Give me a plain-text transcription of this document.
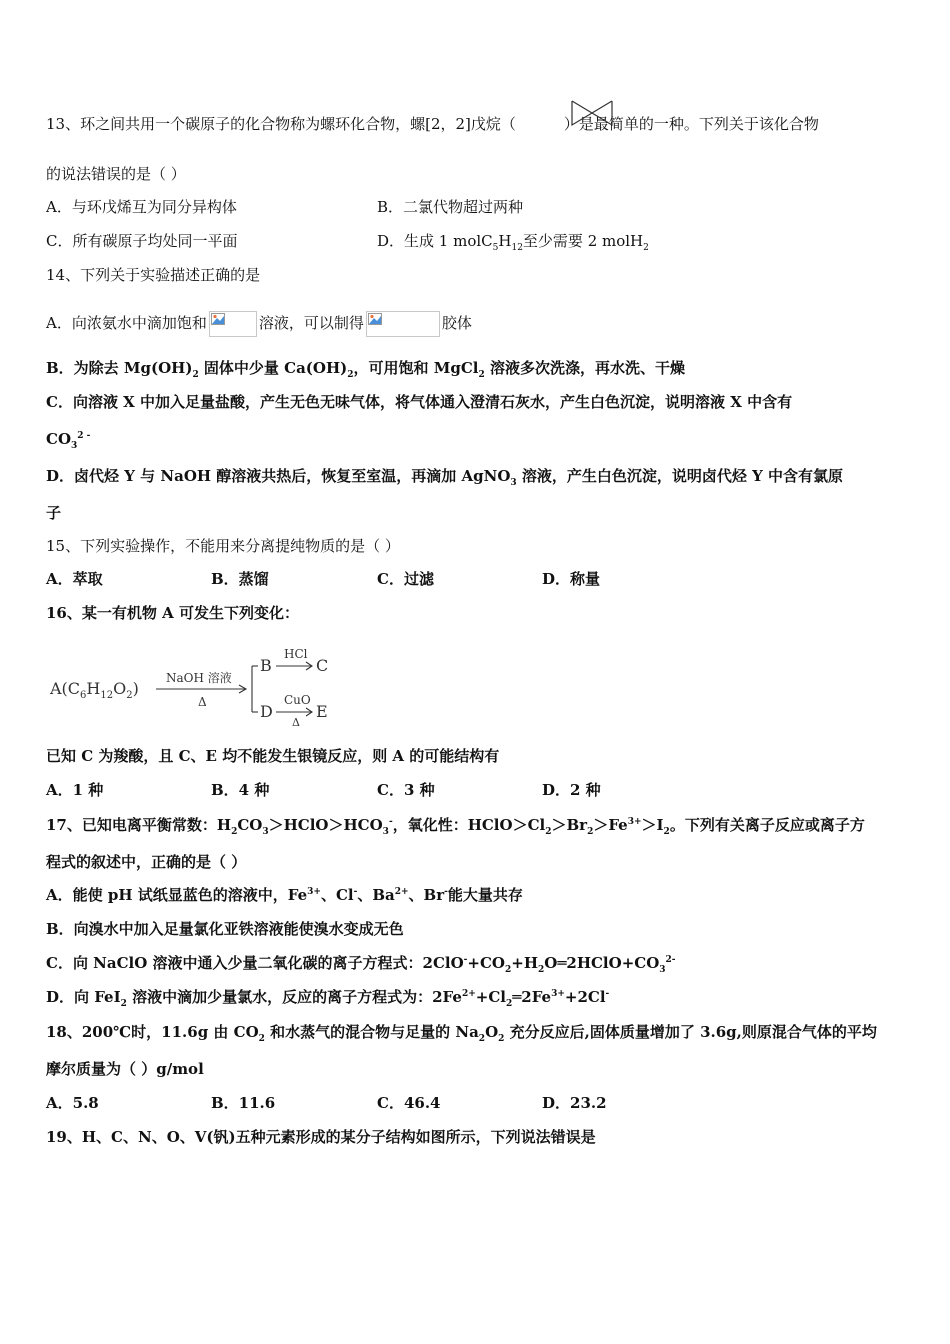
13、环之间共用一个碳原子的化合物称为螺环化合物，螺[2，2]戊烷（	）是最简单的一种。下列关于该化合物
的说法错误的是（ ）
A．与环戊烯互为同分异构体	B．二氯代物超过两种
C．所有碳原子均处同一平面	D．生成 1 $molC_5H_{12}$至少需要 2 molH$_2$
14、下列关于实验描述正确的是
A．向浓氨水中滴加饱和	溶液，可以制得	胶体
B．为除去 $Mg(OH)_2$ 固体中少量 $Ca(OH)_2$，可用饱和 MgCl$_2$ 溶液多次洗涤，再水洗、干燥
C．向溶液 X 中加入足量盐酸，产生无色无味气体，将气体通入澄清石灰水，产生白色沉淀，说明溶液 X 中含有
$CO_3^{2 -}$
D．卤代烃 Y 与 NaOH 醇溶液共热后，恢复至室温，再滴加 AgNO$_3$ 溶液，产生白色沉淀，说明卤代烃 Y 中含有氯原
子
15、下列实验操作，不能用来分离提纯物质的是（ ）
A．萃取	B．蒸馏	C．过滤	D．称量
16、某一有机物 A 可发生下列变化：
$A(C_6H_{12}O_2)$
NaOH 溶液
Δ
B
HCl
C
D
CuO
Δ
E
已知 C 为羧酸，且 C、E 均不能发生银镜反应，则 A 的可能结构有
A．1 种	B．4 种	C．3 种	D．2 种
17、已知电离平衡常数：$H_2CO_3>HClO>HCO_3^-$，氧化性：$HClO>Cl_2>Br_2>Fe^{3+}>I_2$。下列有关离子反应或离子方
程式的叙述中，正确的是（ ）
A．能使 pH 试纸显蓝色的溶液中，$Fe^{3+}$、Cl-、$Ba^{2+}$、Br-能大量共存
B．向溴水中加入足量氯化亚铁溶液能使溴水变成无色
C．向 NaClO 溶液中通入少量二氧化碳的离子方程式：$2ClO^-+CO_2+H_2O═2HClO+CO_3^{2-}$
D．向 FeI$_2$ 溶液中滴加少量氯水，反应的离子方程式为：$2Fe^{2+}+Cl_2═2Fe^{3+}+2Cl^-$
18、200℃时，11.6g 由 $CO_2$ 和水蒸气的混合物与足量的 $Na_2O_2$ 充分反应后,固体质量增加了 3.6g,则原混合气体的平均
摩尔质量为（ ）g/mol
A．5.8	B．11.6	C．46.4	D．23.2
19、H、C、N、O、V(钒)五种元素形成的某分子结构如图所示，下列说法错误是
